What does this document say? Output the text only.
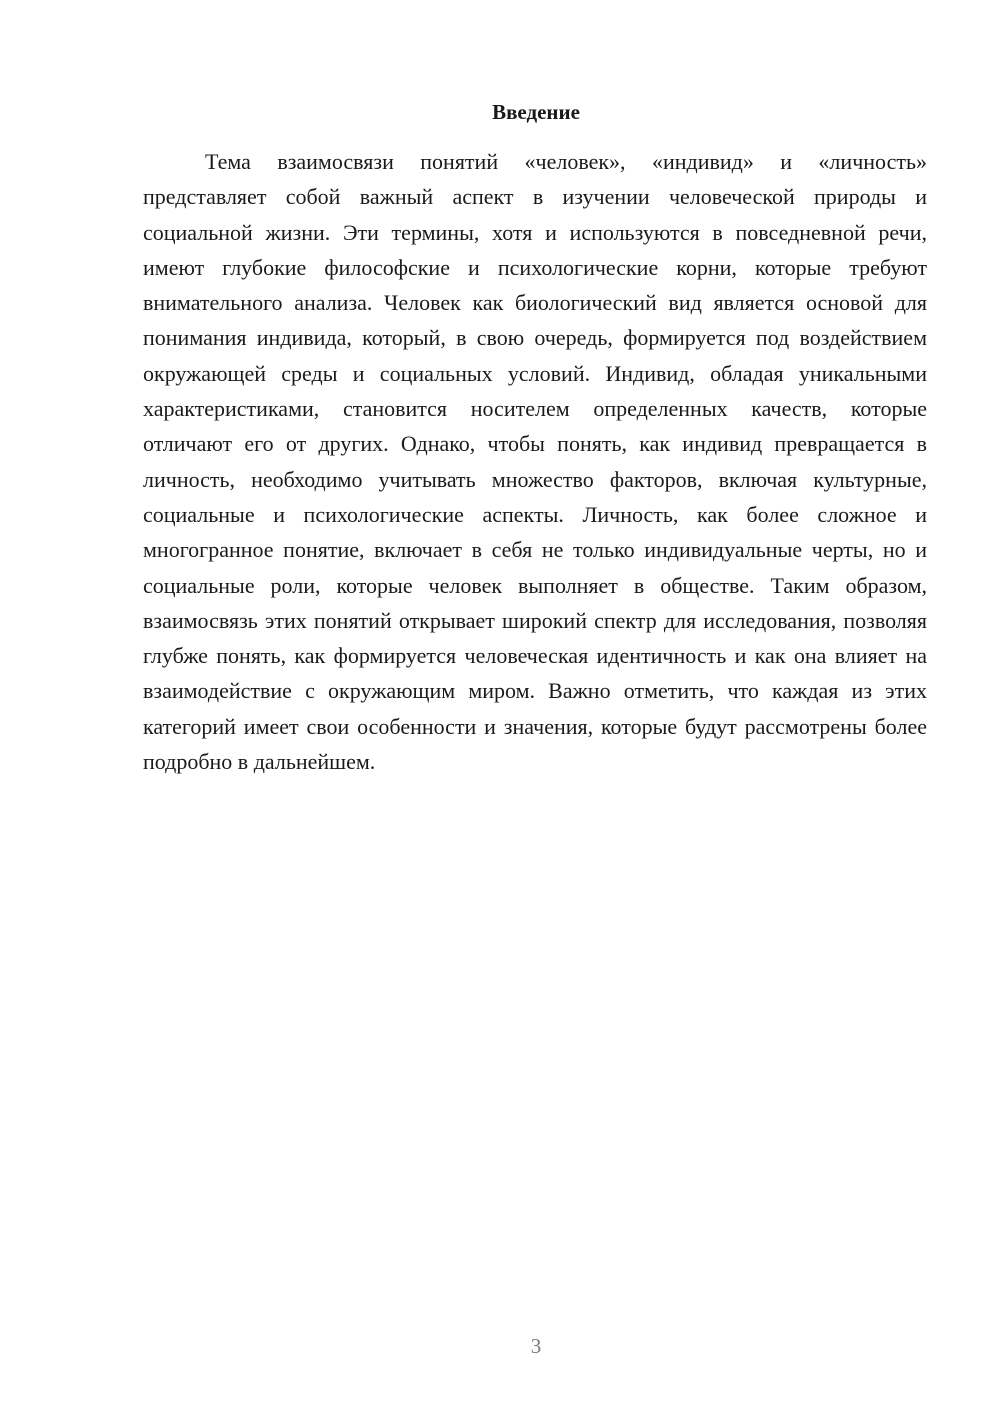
Введение

Тема взаимосвязи понятий «человек», «индивид» и «личность» представляет собой важный аспект в изучении человеческой природы и социальной жизни. Эти термины, хотя и используются в повседневной речи, имеют глубокие философские и психологические корни, которые требуют внимательного анализа. Человек как биологический вид является основой для понимания индивида, который, в свою очередь, формируется под воздействием окружающей среды и социальных условий. Индивид, обладая уникальными характеристиками, становится носителем определенных качеств, которые отличают его от других. Однако, чтобы понять, как индивид превращается в личность, необходимо учитывать множество факторов, включая культурные, социальные и психологические аспекты. Личность, как более сложное и многогранное понятие, включает в себя не только индивидуальные черты, но и социальные роли, которые человек выполняет в обществе. Таким образом, взаимосвязь этих понятий открывает широкий спектр для исследования, позволяя глубже понять, как формируется человеческая идентичность и как она влияет на взаимодействие с окружающим миром. Важно отметить, что каждая из этих категорий имеет свои особенности и значения, которые будут рассмотрены более подробно в дальнейшем.

3
